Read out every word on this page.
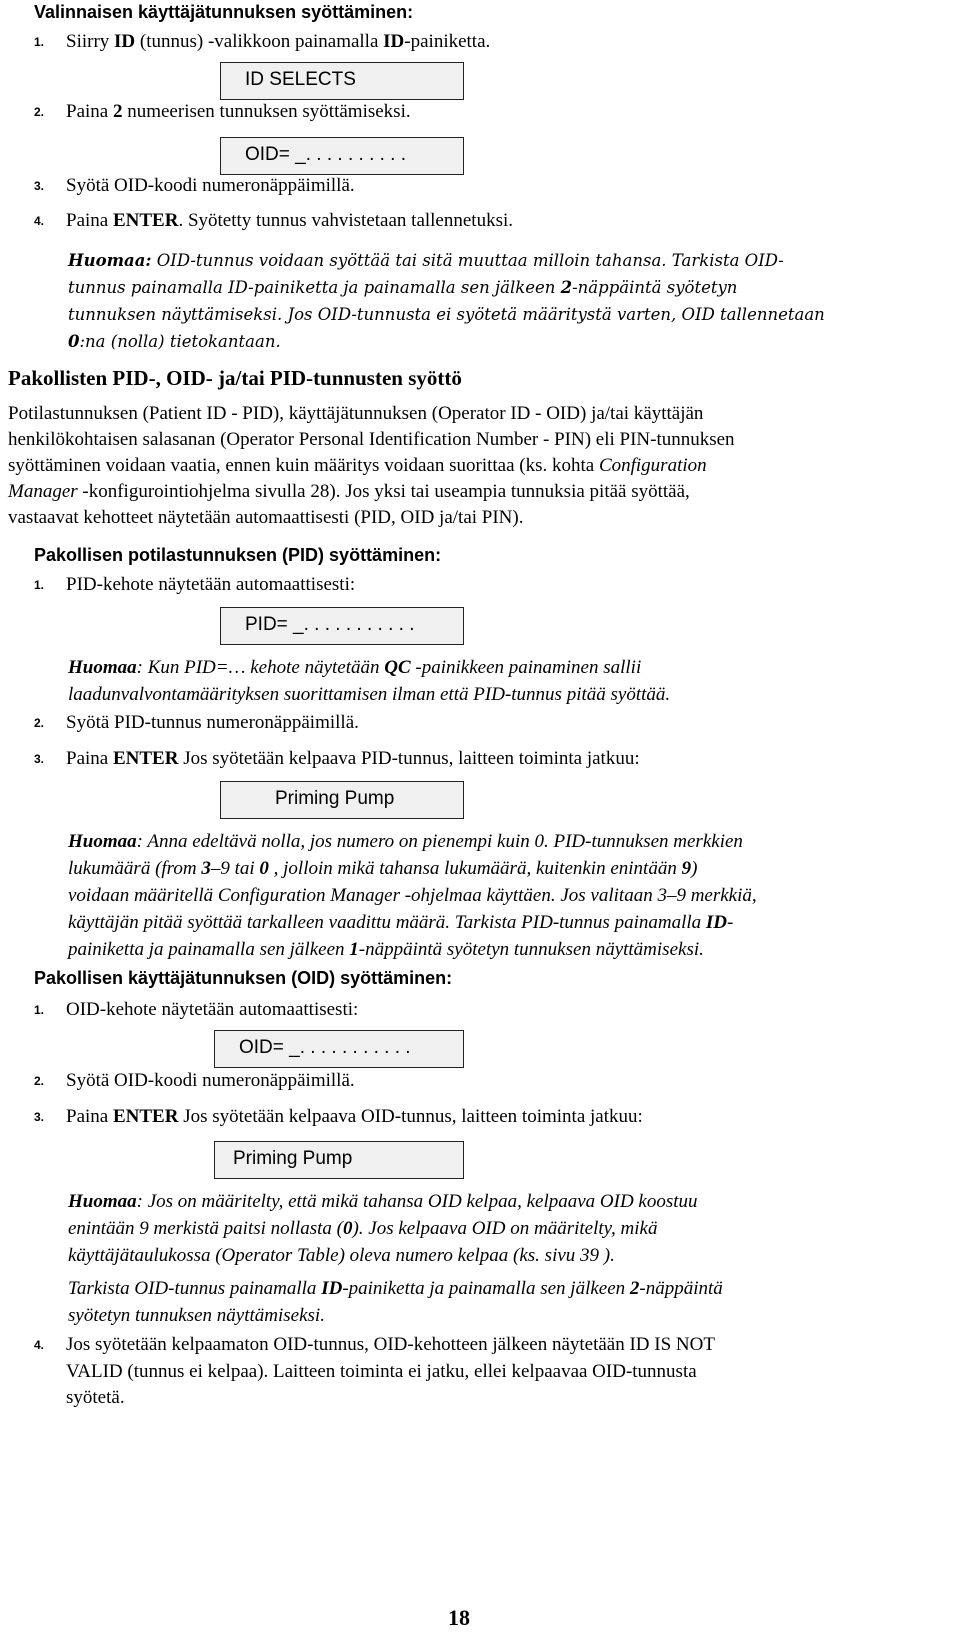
Valinnaisen käyttäjätunnuksen syöttäminen:
1. Siirry ID (tunnus) -valikkoon painamalla ID-painiketta.
ID SELECTS
2. Paina 2 numeerisen tunnuksen syöttämiseksi.
OID= _. . . . . . . . . .
3. Syötä OID-koodi numeronäppäimillä.
4. Paina ENTER. Syötetty tunnus vahvistetaan tallennetuksi.
Huomaa: OID-tunnus voidaan syöttää tai sitä muuttaa milloin tahansa. Tarkista OID-
tunnus painamalla ID-painiketta ja painamalla sen jälkeen 2-näppäintä syötetyn
tunnuksen näyttämiseksi. Jos OID-tunnusta ei syötetä määritystä varten, OID tallennetaan
0:na (nolla) tietokantaan.
Pakollisten PID-, OID- ja/tai PID-tunnusten syöttö
Potilastunnuksen (Patient ID - PID), käyttäjätunnuksen (Operator ID - OID) ja/tai käyttäjän
henkilökohtaisen salasanan (Operator Personal Identification Number - PIN) eli PIN-tunnuksen
syöttäminen voidaan vaatia, ennen kuin määritys voidaan suorittaa (ks. kohta Configuration
Manager -konfigurointiohjelma sivulla 28). Jos yksi tai useampia tunnuksia pitää syöttää,
vastaavat kehotteet näytetään automaattisesti (PID, OID ja/tai PIN).
Pakollisen potilastunnuksen (PID) syöttäminen:
1. PID-kehote näytetään automaattisesti:
PID= _. . . . . . . . . . .
Huomaa: Kun PID=… kehote näytetään QC -painikkeen painaminen sallii
laadunvalvontamäärityksen suorittamisen ilman että PID-tunnus pitää syöttää.
2. Syötä PID-tunnus numeronäppäimillä.
3. Paina ENTER Jos syötetään kelpaava PID-tunnus, laitteen toiminta jatkuu:
Priming Pump
Huomaa: Anna edeltävä nolla, jos numero on pienempi kuin 0. PID-tunnuksen merkkien
lukumäärä (from 3–9 tai 0 , jolloin mikä tahansa lukumäärä, kuitenkin enintään 9)
voidaan määritellä Configuration Manager -ohjelmaa käyttäen. Jos valitaan 3–9 merkkiä,
käyttäjän pitää syöttää tarkalleen vaadittu määrä. Tarkista PID-tunnus painamalla ID-
painiketta ja painamalla sen jälkeen 1-näppäintä syötetyn tunnuksen näyttämiseksi.
Pakollisen käyttäjätunnuksen (OID) syöttäminen:
1. OID-kehote näytetään automaattisesti:
OID= _. . . . . . . . . . .
2. Syötä OID-koodi numeronäppäimillä.
3. Paina ENTER Jos syötetään kelpaava OID-tunnus, laitteen toiminta jatkuu:
Priming Pump
Huomaa: Jos on määritelty, että mikä tahansa OID kelpaa, kelpaava OID koostuu
enintään 9 merkistä paitsi nollasta (0). Jos kelpaava OID on määritelty, mikä
käyttäjätaulukossa (Operator Table) oleva numero kelpaa (ks. sivu 39 ).
Tarkista OID-tunnus painamalla ID-painiketta ja painamalla sen jälkeen 2-näppäintä
syötetyn tunnuksen näyttämiseksi.
4. Jos syötetään kelpaamaton OID-tunnus, OID-kehotteen jälkeen näytetään ID IS NOT
VALID (tunnus ei kelpaa). Laitteen toiminta ei jatku, ellei kelpaavaa OID-tunnusta
syötetä.
18
